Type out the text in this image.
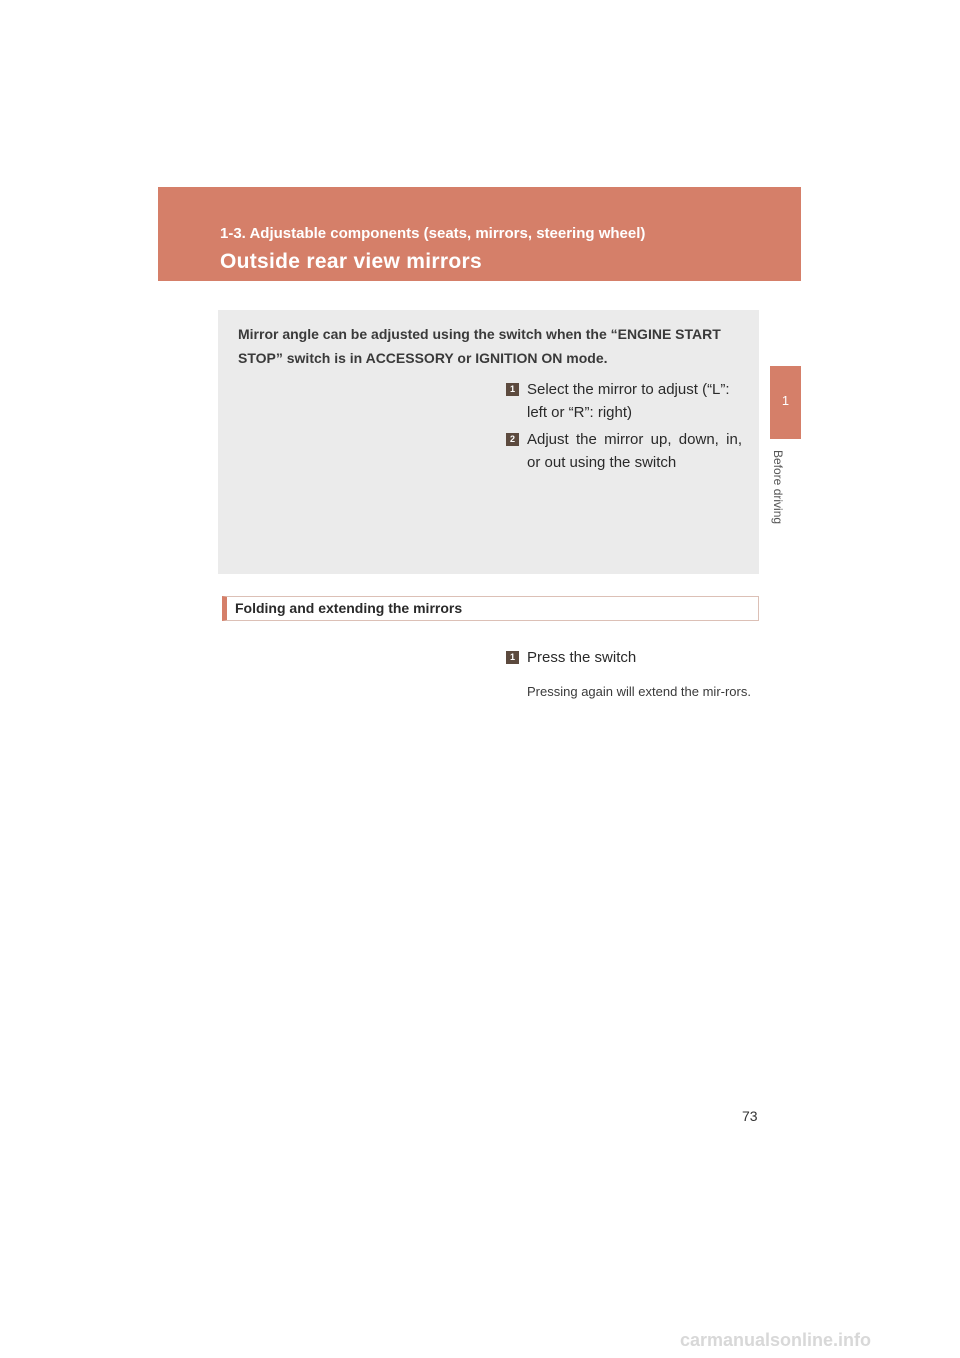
1-3. Adjustable components (seats, mirrors, steering wheel)
Outside rear view mirrors
1
Before driving
Mirror angle can be adjusted using the switch when the “ENGINE START STOP” switch is in ACCESSORY or IGNITION ON mode.
1 Select the mirror to adjust (“L”: left or “R”: right)
2 Adjust the mirror up, down, in, or out using the switch
Folding and extending the mirrors
1 Press the switch
Pressing again will extend the mir-rors.
73
carmanualsonline.info
